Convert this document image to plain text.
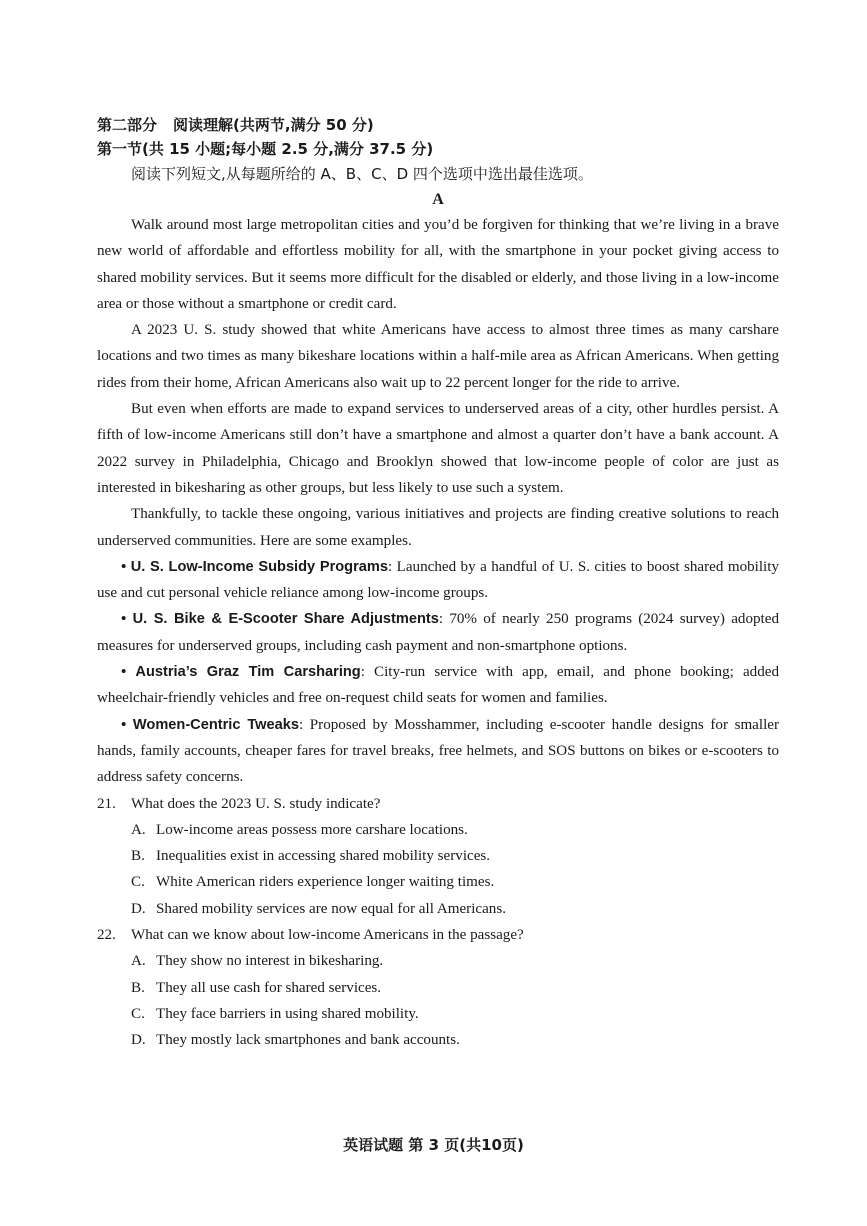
第二部分 阅读理解(共两节,满分 50 分)

第一节(共 15 小题;每小题 2.5 分,满分 37.5 分)

阅读下列短文,从每题所给的 A、B、C、D 四个选项中选出最佳选项。

A

Walk around most large metropolitan cities and you’d be forgiven for thinking that we’re living in a brave new world of affordable and effortless mobility for all, with the smartphone in your pocket giving access to shared mobility services. But it seems more difficult for the disabled or elderly, and those living in a low-income area or those without a smartphone or credit card.

A 2023 U. S. study showed that white Americans have access to almost three times as many carshare locations and two times as many bikeshare locations within a half-mile area as African Americans. When getting rides from their home, African Americans also wait up to 22 percent longer for the ride to arrive.

But even when efforts are made to expand services to underserved areas of a city, other hurdles persist. A fifth of low-income Americans still don’t have a smartphone and almost a quarter don’t have a bank account. A 2022 survey in Philadelphia, Chicago and Brooklyn showed that low-income people of color are just as interested in bikesharing as other groups, but less likely to use such a system.

Thankfully, to tackle these ongoing, various initiatives and projects are finding creative solutions to reach underserved communities. Here are some examples.

• U. S. Low-Income Subsidy Programs: Launched by a handful of U. S. cities to boost shared mobility use and cut personal vehicle reliance among low-income groups.

• U. S. Bike & E-Scooter Share Adjustments: 70% of nearly 250 programs (2024 survey) adopted measures for underserved groups, including cash payment and non-smartphone options.

• Austria’s Graz Tim Carsharing: City-run service with app, email, and phone booking; added wheelchair-friendly vehicles and free on-request child seats for women and families.

• Women-Centric Tweaks: Proposed by Mosshammer, including e-scooter handle designs for smaller hands, family accounts, cheaper fares for travel breaks, free helmets, and SOS buttons on bikes or e-scooters to address safety concerns.

21. What does the 2023 U. S. study indicate?

A. Low-income areas possess more carshare locations.

B. Inequalities exist in accessing shared mobility services.

C. White American riders experience longer waiting times.

D. Shared mobility services are now equal for all Americans.

22. What can we know about low-income Americans in the passage?

A. They show no interest in bikesharing.

B. They all use cash for shared services.

C. They face barriers in using shared mobility.

D. They mostly lack smartphones and bank accounts.

英语试题 第 3 页(共10页)
